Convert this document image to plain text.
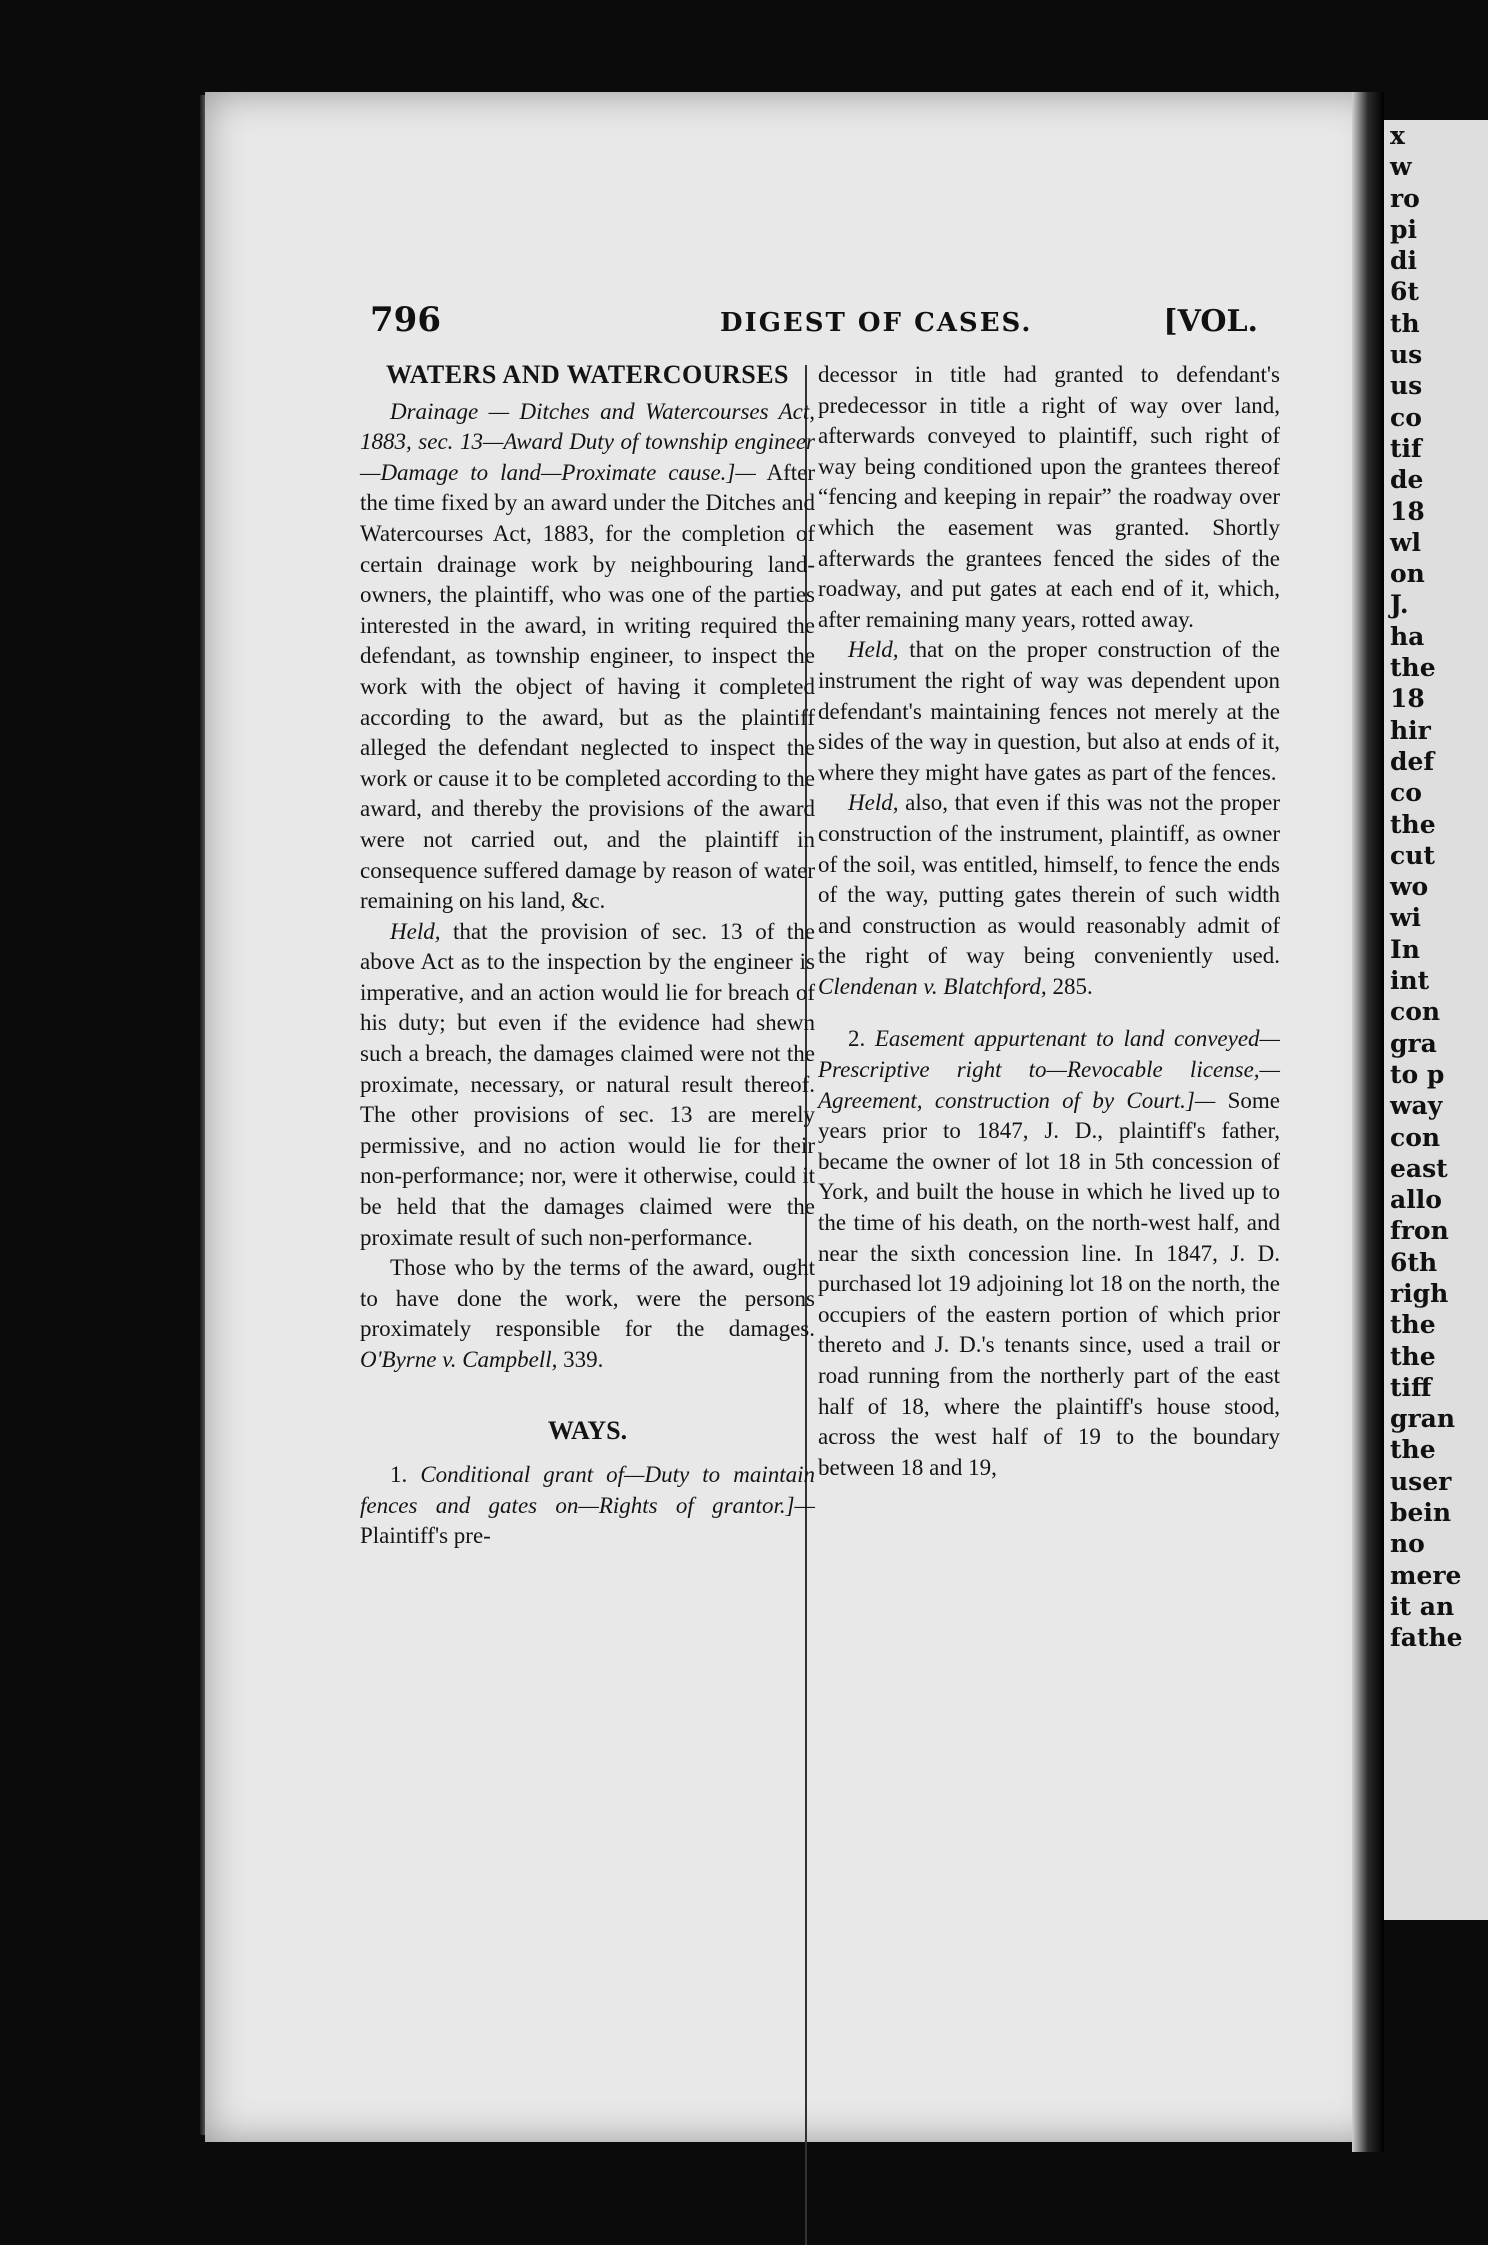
x
w
ro
pi
di
6t
th
us
us
co
tif
de
18
wl
on
J.
ha
the
18
hir
def
co
the
cut
wo
wi
In
int
con
gra
to p
way
con
east
allo
fron
6th
righ
the
the
tiff
gran
the
user
bein
no
mere
it an
fathe
796	DIGEST OF CASES.	[VOL.
WATERS AND WATERCOURSES

Drainage — Ditches and Watercourses Act, 1883, sec. 13—Award Duty of township engineer—Damage to land—Proximate cause.]— After the time fixed by an award under the Ditches and Watercourses Act, 1883, for the completion of certain drainage work by neighbouring land-owners, the plaintiff, who was one of the parties interested in the award, in writing required the defendant, as township engineer, to inspect the work with the object of having it completed according to the award, but as the plaintiff alleged the defendant neglected to inspect the work or cause it to be completed according to the award, and thereby the provisions of the award were not carried out, and the plaintiff in consequence suffered damage by reason of water remaining on his land, &c.

Held, that the provision of sec. 13 of the above Act as to the inspection by the engineer is imperative, and an action would lie for breach of his duty; but even if the evidence had shewn such a breach, the damages claimed were not the proximate, necessary, or natural result thereof. The other provisions of sec. 13 are merely permissive, and no action would lie for their non-performance; nor, were it otherwise, could it be held that the damages claimed were the proximate result of such non-performance.

Those who by the terms of the award, ought to have done the work, were the persons proximately responsible for the damages. O'Byrne v. Campbell, 339.

WAYS.

1. Conditional grant of—Duty to maintain fences and gates on—Rights of grantor.]— Plaintiff's pre-

decessor in title had granted to defendant's predecessor in title a right of way over land, afterwards conveyed to plaintiff, such right of way being conditioned upon the grantees thereof “fencing and keeping in repair” the roadway over which the easement was granted. Shortly afterwards the grantees fenced the sides of the roadway, and put gates at each end of it, which, after remaining many years, rotted away.

Held, that on the proper construction of the instrument the right of way was dependent upon defendant's maintaining fences not merely at the sides of the way in question, but also at ends of it, where they might have gates as part of the fences.

Held, also, that even if this was not the proper construction of the instrument, plaintiff, as owner of the soil, was entitled, himself, to fence the ends of the way, putting gates therein of such width and construction as would reasonably admit of the right of way being conveniently used. Clendenan v. Blatchford, 285.

2. Easement appurtenant to land conveyed—Prescriptive right to—Revocable license,—Agreement, construction of by Court.]— Some years prior to 1847, J. D., plaintiff's father, became the owner of lot 18 in 5th concession of York, and built the house in which he lived up to the time of his death, on the north-west half, and near the sixth concession line. In 1847, J. D. purchased lot 19 adjoining lot 18 on the north, the occupiers of the eastern portion of which prior thereto and J. D.'s tenants since, used a trail or road running from the northerly part of the east half of 18, where the plaintiff's house stood, across the west half of 19 to the boundary between 18 and 19,
